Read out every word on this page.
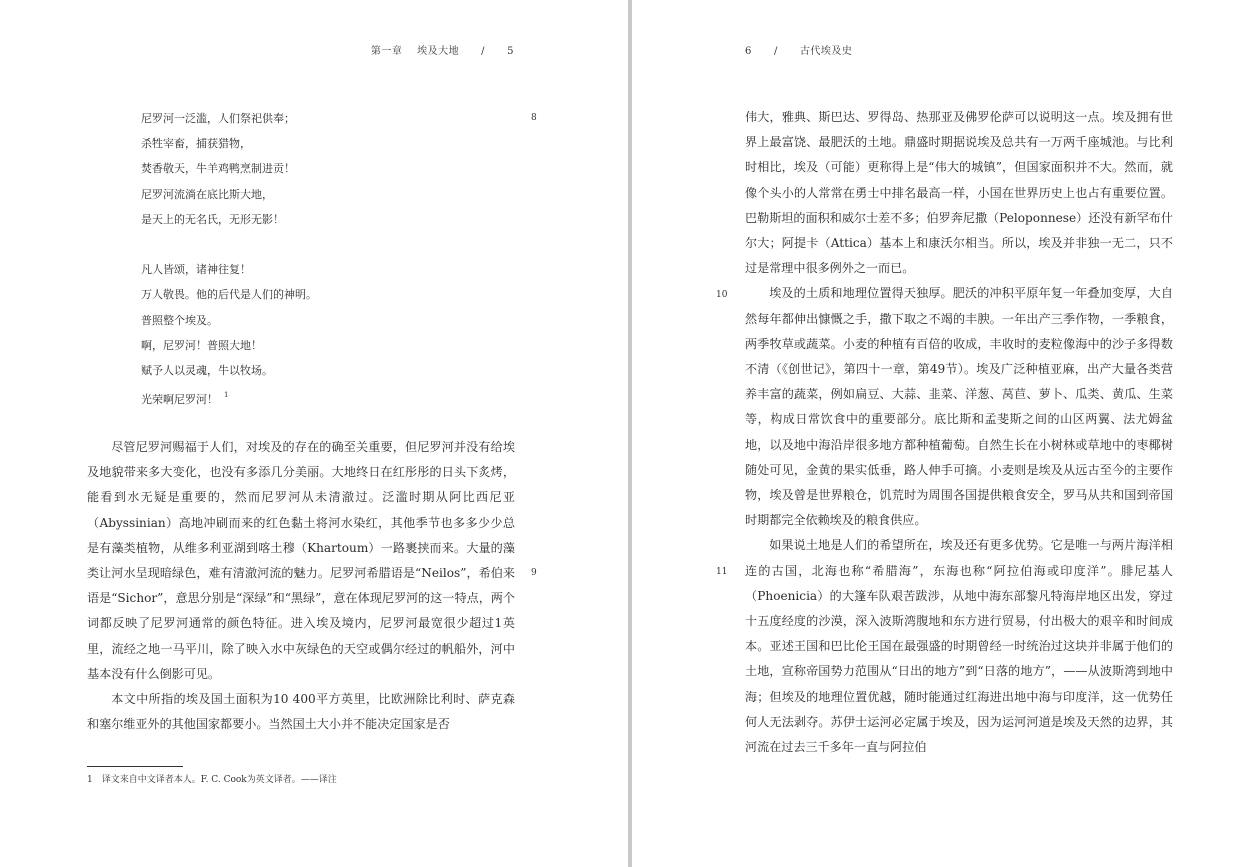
第一章 埃及大地 / 5
尼罗河一泛滥，人们祭祀供奉；
杀牲宰畜，捕获猎物，
焚香敬天，牛羊鸡鸭烹制进贡！
尼罗河流淌在底比斯大地，
是天上的无名氏，无形无影！
凡人皆颂，诸神往复！
万人敬畏。他的后代是人们的神明。
普照整个埃及。
啊，尼罗河！普照大地！
赋予人以灵魂，牛以牧场。
光荣啊尼罗河！ $^1$
8
9

尽管尼罗河赐福于人们，对埃及的存在的确至关重要，但尼罗河并没有给埃及地貌带来多大变化，也没有多添几分美丽。大地终日在红彤彤的日头下炙烤，能看到水无疑是重要的，然而尼罗河从未清澈过。泛滥时期从阿比西尼亚（Abyssinian）高地冲刷而来的红色黏土将河水染红，其他季节也多多少少总是有藻类植物，从维多利亚湖到喀土穆（Khartoum）一路裹挟而来。大量的藻类让河水呈现暗绿色，难有清澈河流的魅力。尼罗河希腊语是“Neilos”，希伯来语是“Sichor”，意思分别是“深绿”和“黑绿”，意在体现尼罗河的这一特点，两个词都反映了尼罗河通常的颜色特征。进入埃及境内，尼罗河最宽很少超过1英里，流经之地一马平川，除了映入水中灰绿色的天空或偶尔经过的帆船外，河中基本没有什么倒影可见。

本文中所指的埃及国土面积为10 400平方英里，比欧洲除比利时、萨克森和塞尔维亚外的其他国家都要小。当然国土大小并不能决定国家是否

1　译文来自中文译者本人。F. C. Cook为英文译者。——译注
6 / 古代埃及史
10
11

伟大，雅典、斯巴达、罗得岛、热那亚及佛罗伦萨可以说明这一点。埃及拥有世界上最富饶、最肥沃的土地。鼎盛时期据说埃及总共有一万两千座城池。与比利时相比，埃及（可能）更称得上是“伟大的城镇”，但国家面积并不大。然而，就像个头小的人常常在勇士中排名最高一样，小国在世界历史上也占有重要位置。巴勒斯坦的面积和威尔士差不多；伯罗奔尼撒（Peloponnese）还没有新罕布什尔大；阿提卡（Attica）基本上和康沃尔相当。所以，埃及并非独一无二，只不过是常理中很多例外之一而已。

埃及的土质和地理位置得天独厚。肥沃的冲积平原年复一年叠加变厚，大自然每年都伸出慷慨之手，撒下取之不竭的丰腴。一年出产三季作物，一季粮食，两季牧草或蔬菜。小麦的种植有百倍的收成，丰收时的麦粒像海中的沙子多得数不清（《创世记》，第四十一章，第49节）。埃及广泛种植亚麻，出产大量各类营养丰富的蔬菜，例如扁豆、大蒜、韭菜、洋葱、莴苣、萝卜、瓜类、黄瓜、生菜等，构成日常饮食中的重要部分。底比斯和孟斐斯之间的山区两翼、法尤姆盆地，以及地中海沿岸很多地方都种植葡萄。自然生长在小树林或草地中的枣椰树随处可见，金黄的果实低垂，路人伸手可摘。小麦则是埃及从远古至今的主要作物，埃及曾是世界粮仓，饥荒时为周围各国提供粮食安全，罗马从共和国到帝国时期都完全依赖埃及的粮食供应。

如果说土地是人们的希望所在，埃及还有更多优势。它是唯一与两片海洋相连的古国，北海也称“希腊海”，东海也称“阿拉伯海或印度洋”。腓尼基人（Phoenicia）的大篷车队艰苦跋涉，从地中海东部黎凡特海岸地区出发，穿过十五度经度的沙漠，深入波斯湾腹地和东方进行贸易，付出极大的艰辛和时间成本。亚述王国和巴比伦王国在最强盛的时期曾经一时统治过这块并非属于他们的土地，宣称帝国势力范围从“日出的地方”到“日落的地方”，——从波斯湾到地中海；但埃及的地理位置优越，随时能通过红海进出地中海与印度洋，这一优势任何人无法剥夺。苏伊士运河必定属于埃及，因为运河河道是埃及天然的边界，其河流在过去三千多年一直与阿拉伯
